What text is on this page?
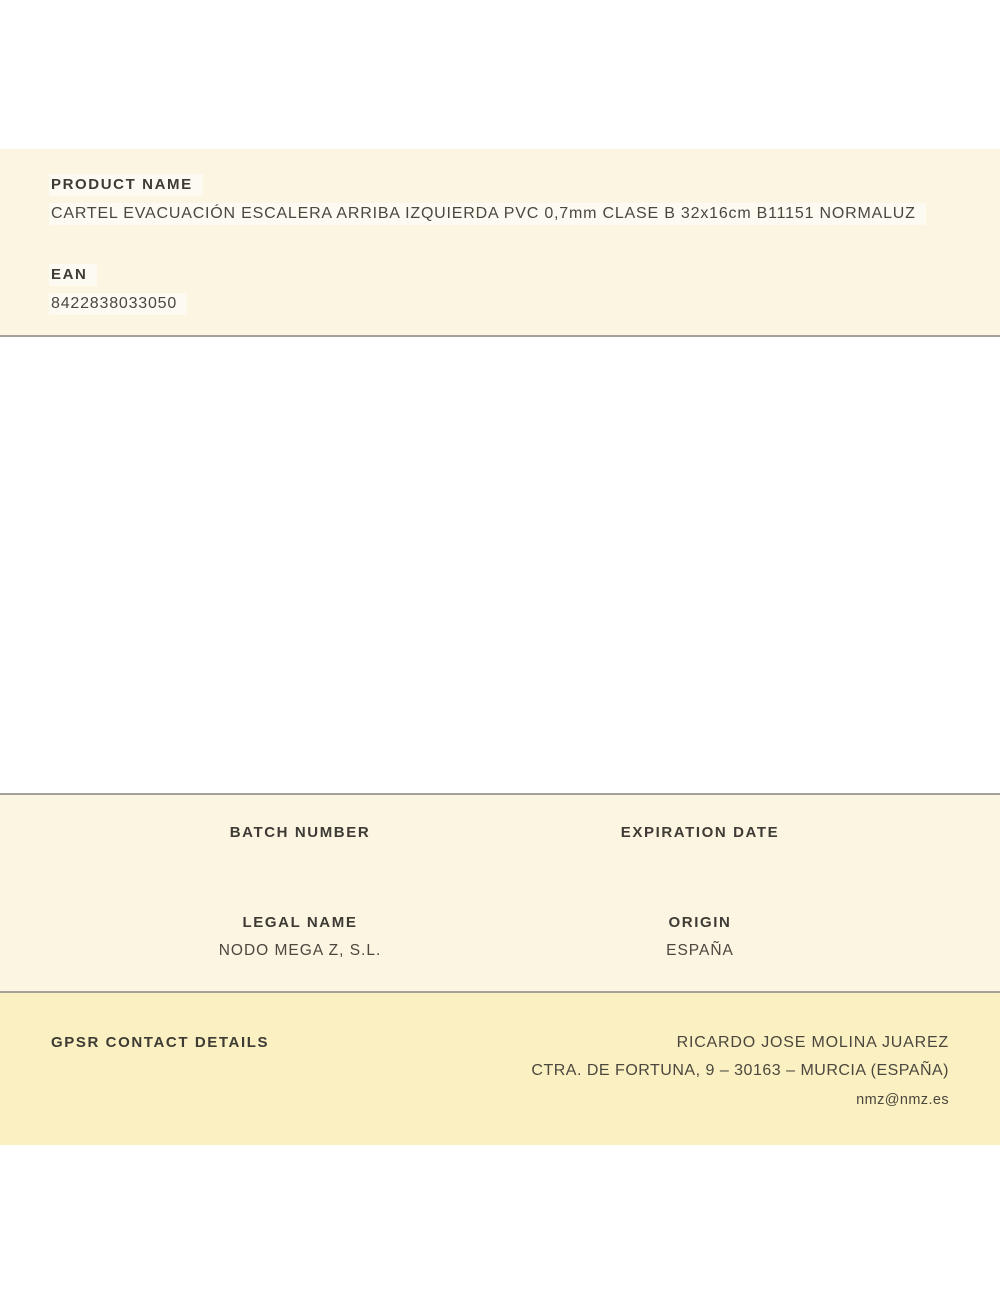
PRODUCT NAME
CARTEL EVACUACIÓN ESCALERA ARRIBA IZQUIERDA PVC 0,7mm CLASE B 32x16cm B11151 NORMALUZ
EAN
8422838033050
BATCH NUMBER	EXPIRATION DATE
LEGAL NAME
NODO MEGA Z, S.L.
ORIGIN
ESPAÑA
GPSR CONTACT DETAILS	RICARDO JOSE MOLINA JUAREZ
CTRA. DE FORTUNA, 9 – 30163 – MURCIA (ESPAÑA)
nmz@nmz.es
